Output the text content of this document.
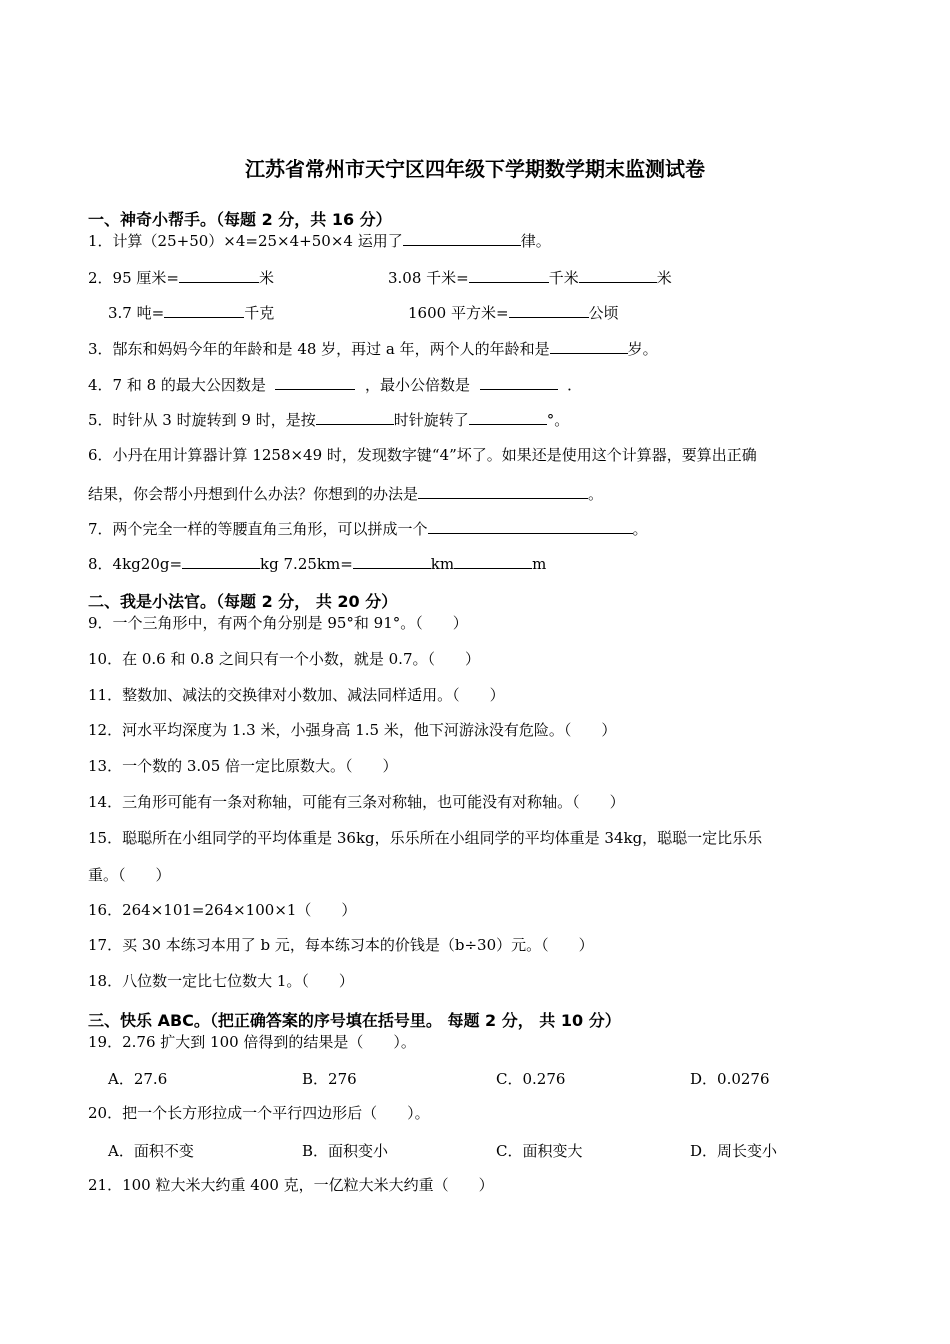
江苏省常州市天宁区四年级下学期数学期末监测试卷
一、神奇小帮手。（每题 2 分，共 16 分）
1．计算（25+50）×4=25×4+50×4 运用了	律。
2．95 厘米=	米	3.08 千米=	千米	米
3.7 吨=	千克	1600 平方米=	公顷
3．郜东和妈妈今年的年龄和是 48 岁，再过 a 年，两个人的年龄和是	岁。
4．7 和 8 的最大公因数是	，最小公倍数是	．
5．时针从 3 时旋转到 9 时，是按	时针旋转了	°。
6．小丹在用计算器计算 1258×49 时，发现数字键“4”坏了。如果还是使用这个计算器，要算出正确
结果，你会帮小丹想到什么办法？你想到的办法是	。
7．两个完全一样的等腰直角三角形，可以拼成一个	。
8．4kg20g=	kg 7.25km=	km	m
二、我是小法官。（每题 2 分， 共 20 分）
9．一个三角形中，有两个角分别是 95°和 91°。（　　）
10．在 0.6 和 0.8 之间只有一个小数，就是 0.7。（　　）
11．整数加、减法的交换律对小数加、减法同样适用。（　　）
12．河水平均深度为 1.3 米，小强身高 1.5 米，他下河游泳没有危险。（　　）
13．一个数的 3.05 倍一定比原数大。（　　）
14．三角形可能有一条对称轴，可能有三条对称轴，也可能没有对称轴。（　　）
15．聪聪所在小组同学的平均体重是 36kg，乐乐所在小组同学的平均体重是 34kg，聪聪一定比乐乐
重。（　　）
16．264×101=264×100×1（　　）
17．买 30 本练习本用了 b 元，每本练习本的价钱是（b÷30）元。（　　）
18．八位数一定比七位数大 1。（　　）
三、快乐 ABC。（把正确答案的序号填在括号里。 每题 2 分， 共 10 分）
19．2.76 扩大到 100 倍得到的结果是（　　）。
A．27.6	B．276	C．0.276	D．0.0276
20．把一个长方形拉成一个平行四边形后（　　）。
A．面积不变	B．面积变小	C．面积变大	D．周长变小
21．100 粒大米大约重 400 克，一亿粒大米大约重（　　）
